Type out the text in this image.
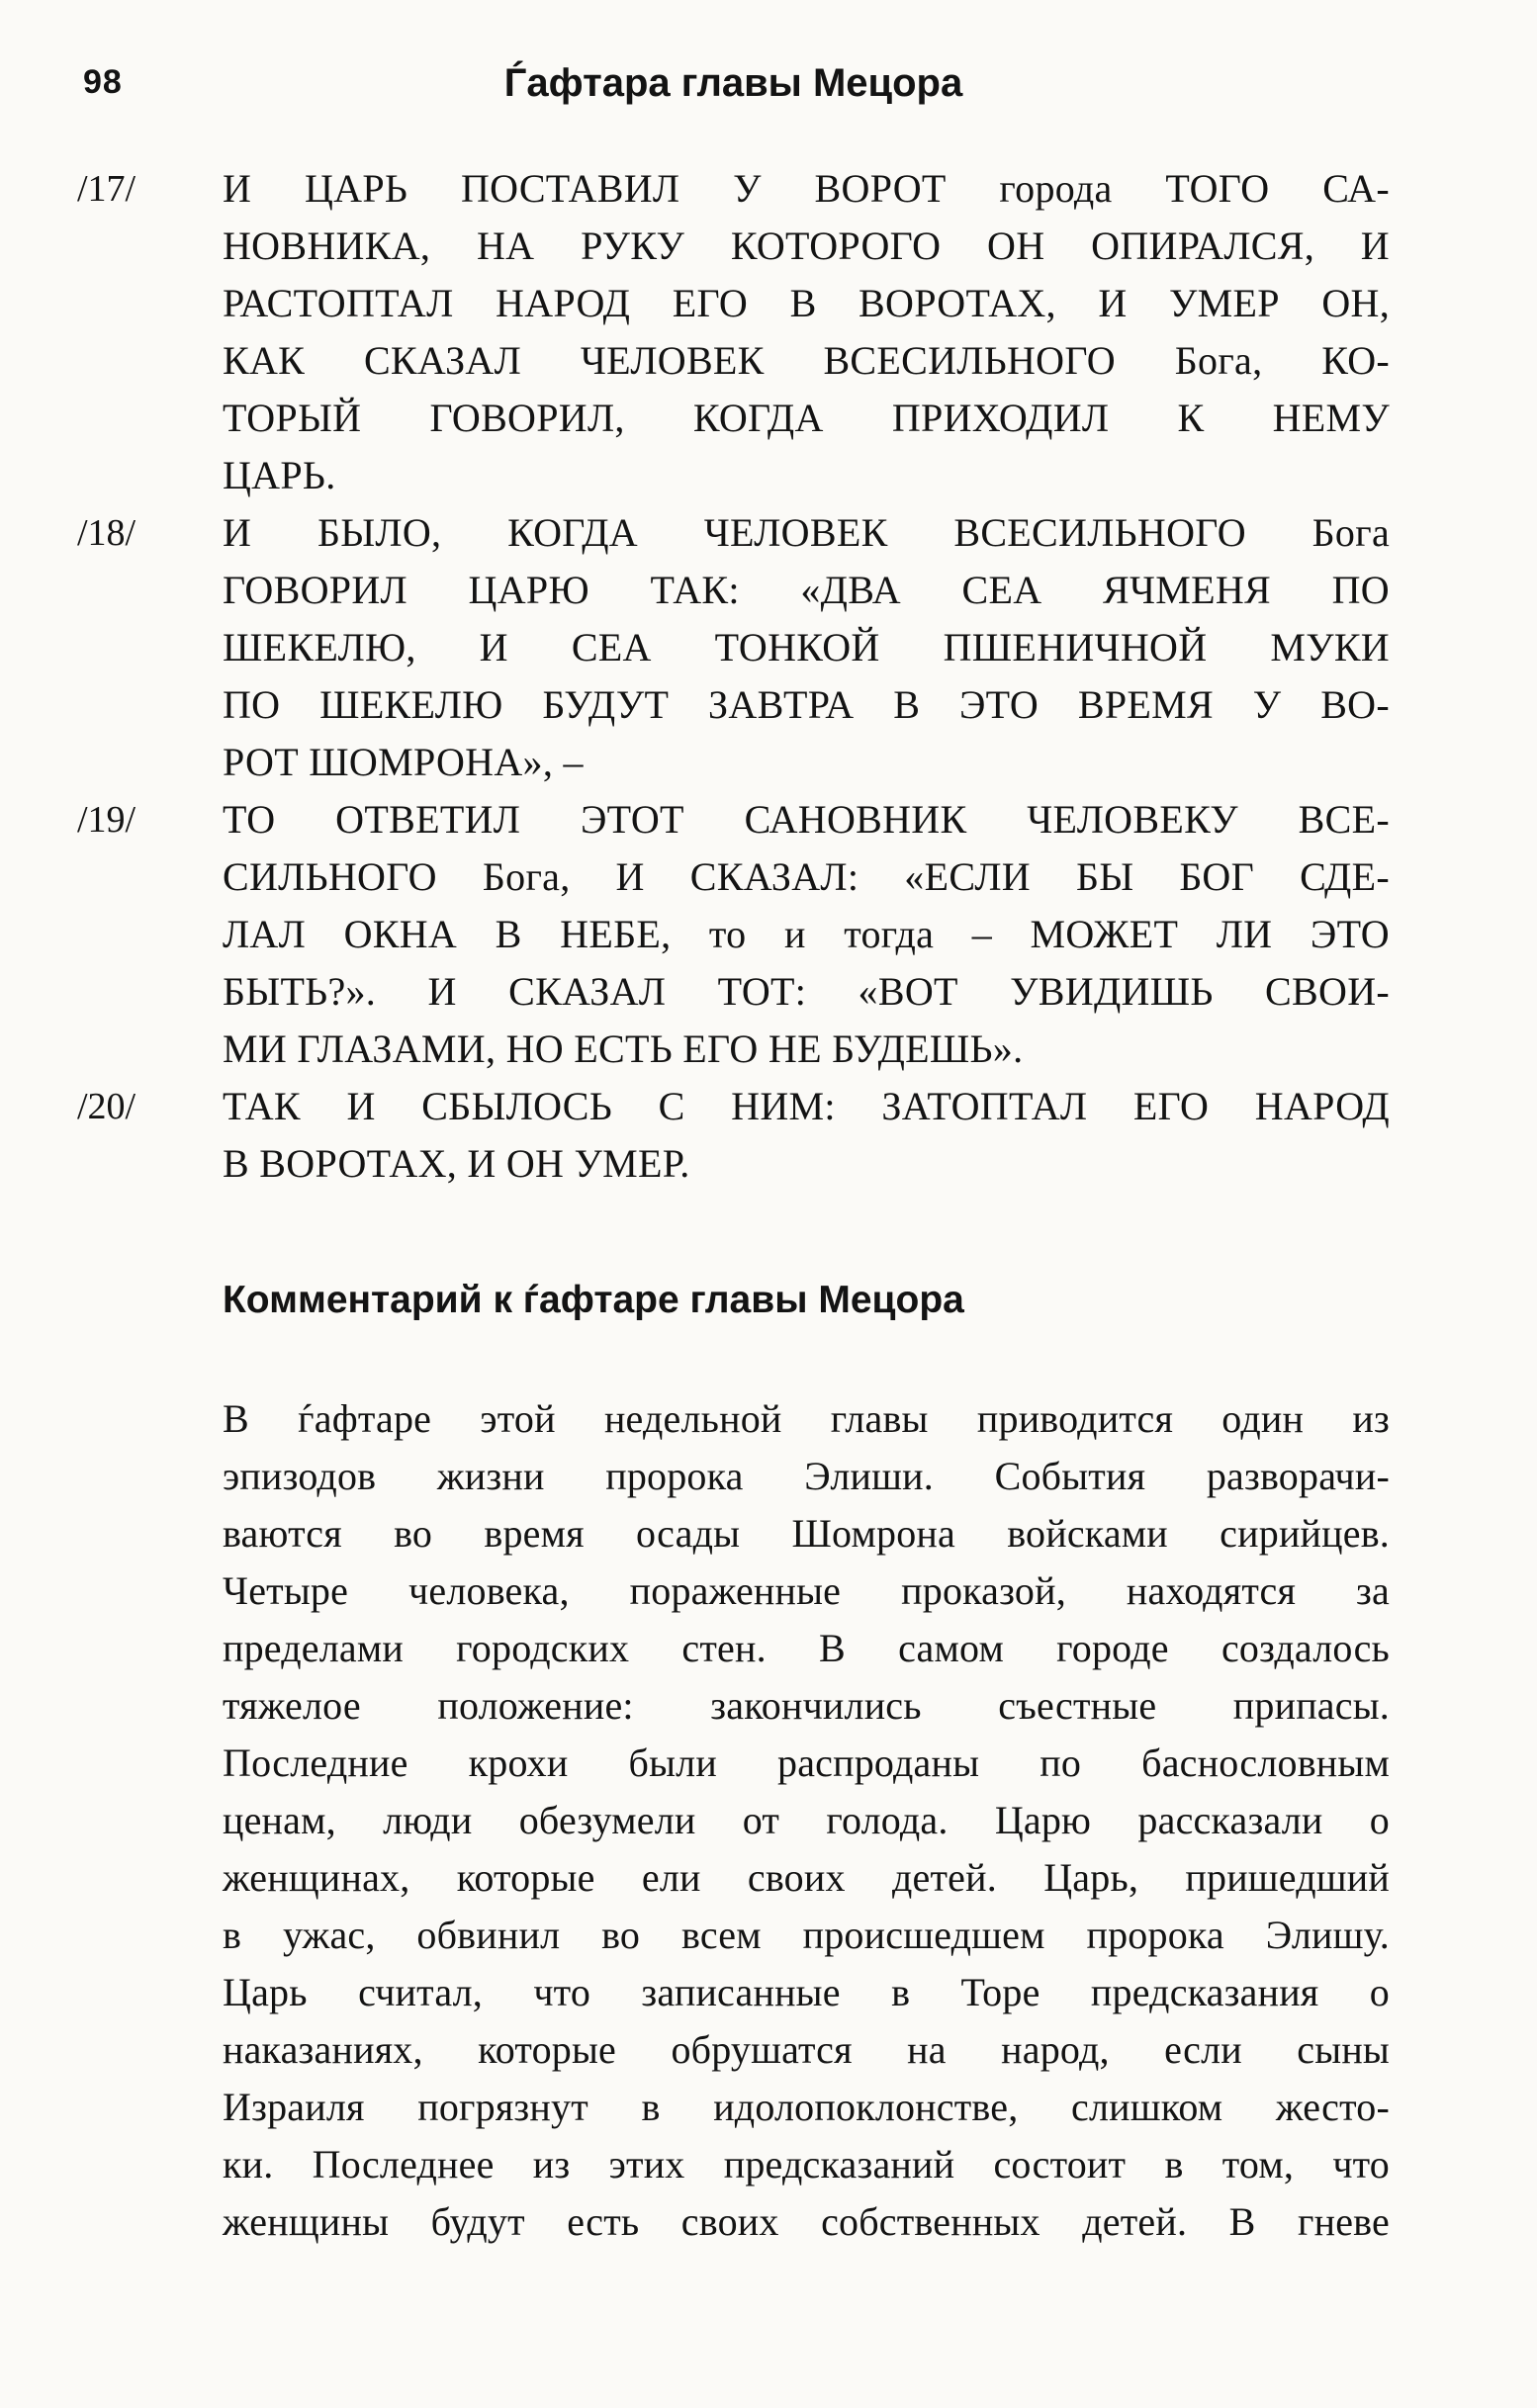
98	Ѓафтара главы Мецора
/17/	И ЦАРЬ ПОСТАВИЛ У ВОРОТ города ТОГО СА-
НОВНИКА, НА РУКУ КОТОРОГО ОН ОПИРАЛСЯ, И
РАСТОПТАЛ НАРОД ЕГО В ВОРОТАХ, И УМЕР ОН,
КАК СКАЗАЛ ЧЕЛОВЕК ВСЕСИЛЬНОГО Бога, КО-
ТОРЫЙ ГОВОРИЛ, КОГДА ПРИХОДИЛ К НЕМУ
ЦАРЬ.
/18/	И БЫЛО, КОГДА ЧЕЛОВЕК ВСЕСИЛЬНОГО Бога
ГОВОРИЛ ЦАРЮ ТАК: «ДВА СЕА ЯЧМЕНЯ ПО
ШЕКЕЛЮ, И СЕА ТОНКОЙ ПШЕНИЧНОЙ МУКИ
ПО ШЕКЕЛЮ БУДУТ ЗАВТРА В ЭТО ВРЕМЯ У ВО-
РОТ ШОМРОНА», –
/19/	ТО ОТВЕТИЛ ЭТОТ САНОВНИК ЧЕЛОВЕКУ ВСЕ-
СИЛЬНОГО Бога, И СКАЗАЛ: «ЕСЛИ БЫ БОГ СДЕ-
ЛАЛ ОКНА В НЕБЕ, то и тогда – МОЖЕТ ЛИ ЭТО
БЫТЬ?». И СКАЗАЛ ТОТ: «ВОТ УВИДИШЬ СВОИ-
МИ ГЛАЗАМИ, НО ЕСТЬ ЕГО НЕ БУДЕШЬ».
/20/	ТАК И СБЫЛОСЬ С НИМ: ЗАТОПТАЛ ЕГО НАРОД
В ВОРОТАХ, И ОН УМЕР.
Комментарий к ѓафтаре главы Мецора
В ѓафтаре этой недельной главы приводится один из
эпизодов жизни пророка Элиши. События разворачи-
ваются во время осады Шомрона войсками сирийцев.
Четыре человека, пораженные проказой, находятся за
пределами городских стен. В самом городе создалось
тяжелое положение: закончились съестные припасы.
Последние крохи были распроданы по баснословным
ценам, люди обезумели от голода. Царю рассказали о
женщинах, которые ели своих детей. Царь, пришедший
в ужас, обвинил во всем происшедшем пророка Элишу.
Царь считал, что записанные в Торе предсказания о
наказаниях, которые обрушатся на народ, если сыны
Израиля погрязнут в идолопоклонстве, слишком жесто-
ки. Последнее из этих предсказаний состоит в том, что
женщины будут есть своих собственных детей. В гневе
